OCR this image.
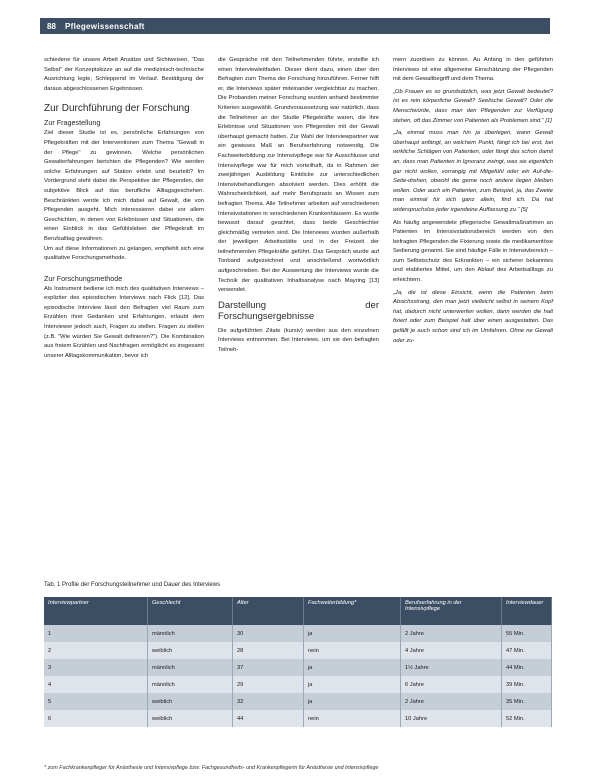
88	Pflegewissenschaft

schiedene für unsere Arbeit Ansätze und Sichtweisen, "Das Selbst" der Konzeptskizze an auf die medizinisch-technische Ausrichtung legte, Schleppend im Verlauf. Bestätigung der daraus abgeschlossenen Ergebnissen.

Zur Durchführung der Forschung
Zur Fragestellung

Ziel dieser Studie ist es, persönliche Erfahrungen von Pflegekräften mit der Interventionen zum Thema "Gewalt in der Pflege" zu gewinnen. Welche persönlichen Gewalterfahrungen berichten die Pflegenden? Wie werden solche Erfahrungen auf Station erlebt und beurteilt? Im Vordergrund steht dabei die Perspektive der Pflegenden, der subjektive Blick auf das berufliche Alltagsgeschehen. Beschränkten werde ich mich dabei auf Gewalt, die von Pflegenden ausgeht. Mich interessieren dabei vor allem Geschichten, in denen von Erlebnissen und Situationen, die einen Einblick in das Gefühlsleben der Pflegekraft im Berufsalltag gewähren.

Um auf diese Informationen zu gelangen, empfiehlt sich eine qualitative Forschungsmethode.

Zur Forschungsmethode

Als Instrument bediene ich mich des qualitativen Interviews – expliziter des episodischen Interviews nach Flick [12]. Das episodische Interview lässt den Befragten viel Raum zum Erzählen ihrer Gedanken und Erfahrungen, erlaubt dem Interviewer jedoch auch, Fragen zu stellen. Fragen zu stellen (z.B. "Wie würden Sie Gewalt definieren?"). Die Kombination aus freiem Erzählen und Nachfragen ermöglicht es insgesamt unserer Alltagskommunikation, bevor ich

die Gespräche mit den Teilnehmenden führte, erstellte ich einen Interviewleitfaden. Dieser dient dazu, einen über den Befragten zum Thema der Forschung hinzuführen. Ferner hilft er, die Interviews später miteinander vergleichbar zu machen. Die Probanden meiner Forschung wurden anhand bestimmter Kriterien ausgewählt. Grundvoraussetzung war natürlich, dass die Teilnehmer an der Studie Pflegekräfte waren, die ihre Erlebnisse und Situationen von Pflegenden mit der Gewalt überhaupt gemacht hatten. Zur Wahl der Interviewpartner war ein gewisses Maß an Berufserfahrung notwendig. Die Fachweiterbildung zur Intensivpflege war für Ausschlusse und Intensivpflege war für mich vorteilhaft, da in Rahmen der zweijährigen Ausbildung Einblicke zur unterschiedlichen Intensivbehandlungen absolviert werden. Dies erhöht die Wahrscheinlichkeit, auf mehr Berufspraxis an Wissen zum befragten Thema. Alle Teilnehmer arbeiten auf verschiedenen Intensivstationen in verschiedenen Krankenhäusern. Es wurde bewusst darauf geachtet, dass beide Geschlechter gleichmäßig vertreten sind. Die Interviews wurden außerhalb der jeweiligen Arbeitsstätte und in der Freizeit der teilnehmenden Pflegekräfte geführt. Das Gespräch wurde auf Tonband aufgezeichnet und anschließend wortwörtlich aufgeschrieben. Bei der Auswertung der Interviews wurde die Technik der qualitativen Inhaltsanalyse nach Mayring [13] verwendet.

Darstellung der Forschungsergebnisse

Die aufgeführten Zitate (kursiv) werden aus den einzelnen Interviews entnommen. Bei Interviews, um sie den befragten Teilneh-

mern zuordnen zu können. Au Anfang in den geführten Interviews ist eine allgemeine Einschätzung der Pflegenden mit dem Gewaltbegriff und dem Thema.

„Ob Frauen es so grundsätzlich, was jetzt Gewalt bedeutet? Ist es rein körperliche Gewalt? Seelische Gewalt? Oder die Menschwürde, dass man den Pflegenden zur Verfügung stehen, oft das Zimmer von Patienten als Problemen sind.“ [1]

„Ja, einmal muss man hin ja überlegen, wann Gewalt überhaupt anfängt, an welchem Punkt, fängt ich bei erst, bei wirkliche Schlägen von Patienten, oder fängt das schon damit an, dass man Patienten in Ignoranz zwingt, was sie eigentlich gar nicht wollen, vorrangig mit Mitgefühl oder ein Auf-die-Seite-drehen, obwohl die gerne noch andere liegen bleiben wollen. Oder auch ein Patienten, zum Beispiel, ja, das Zweite man einmal für sich ganz allein, find ich. Da hat widerspruchslos jeder irgendeine Auffassung zu.“ [5]

Als häufig angewendete pflegerische Gewaltmaßnahmen an Patienten im Intensivstationsbereich werden von den befragten Pflegenden die Fixierung sowie die medikamentöse Sedierung genannt. Sie sind häufige Fälle in Intensivbereich – zum Selbstschutz des Erkrankten – ein sicherer bekanntes und etabliertes Mittel, um den Ablauf des Arbeitsalltags zu erleichtern.

„Ja, die ist diese Einsicht, wenn die Patienten beim Absichsstrang, den man jetzt vielleicht selbst in seinem Kopf hat, dadurch nicht unterwerfen wollen, dann werden die halt fixiert oder zum Beispiel halt über einen ausgestatten. Das gefällt je auch schon sind ich im Umfahren. Ohne ne Gewalt oder zu-

Tab. 1 Profile der Forschungsteilnehmer und Dauer des Interviews
Interviewpartner	Geschlecht	Alter	Fachweiterbildung*	Berufserfahrung in der Intensivpflege	Interviewdauer
1	männlich	30	ja	2 Jahre	55 Min.
2	weiblich	28	nein	4 Jahre	47 Min.
3	männlich	37	ja	1½ Jahre	44 Min.
4	männlich	29	ja	6 Jahre	39 Min.
5	weiblich	32	ja	2 Jahre	35 Min.
6	weiblich	44	nein	10 Jahre	52 Min.
* zum Fachkrankenpfleger für Anästhesie und Intensivpflege bzw. Fachgesundheits- und Krankenpflegerin für Anästhesie und Intensivpflege
